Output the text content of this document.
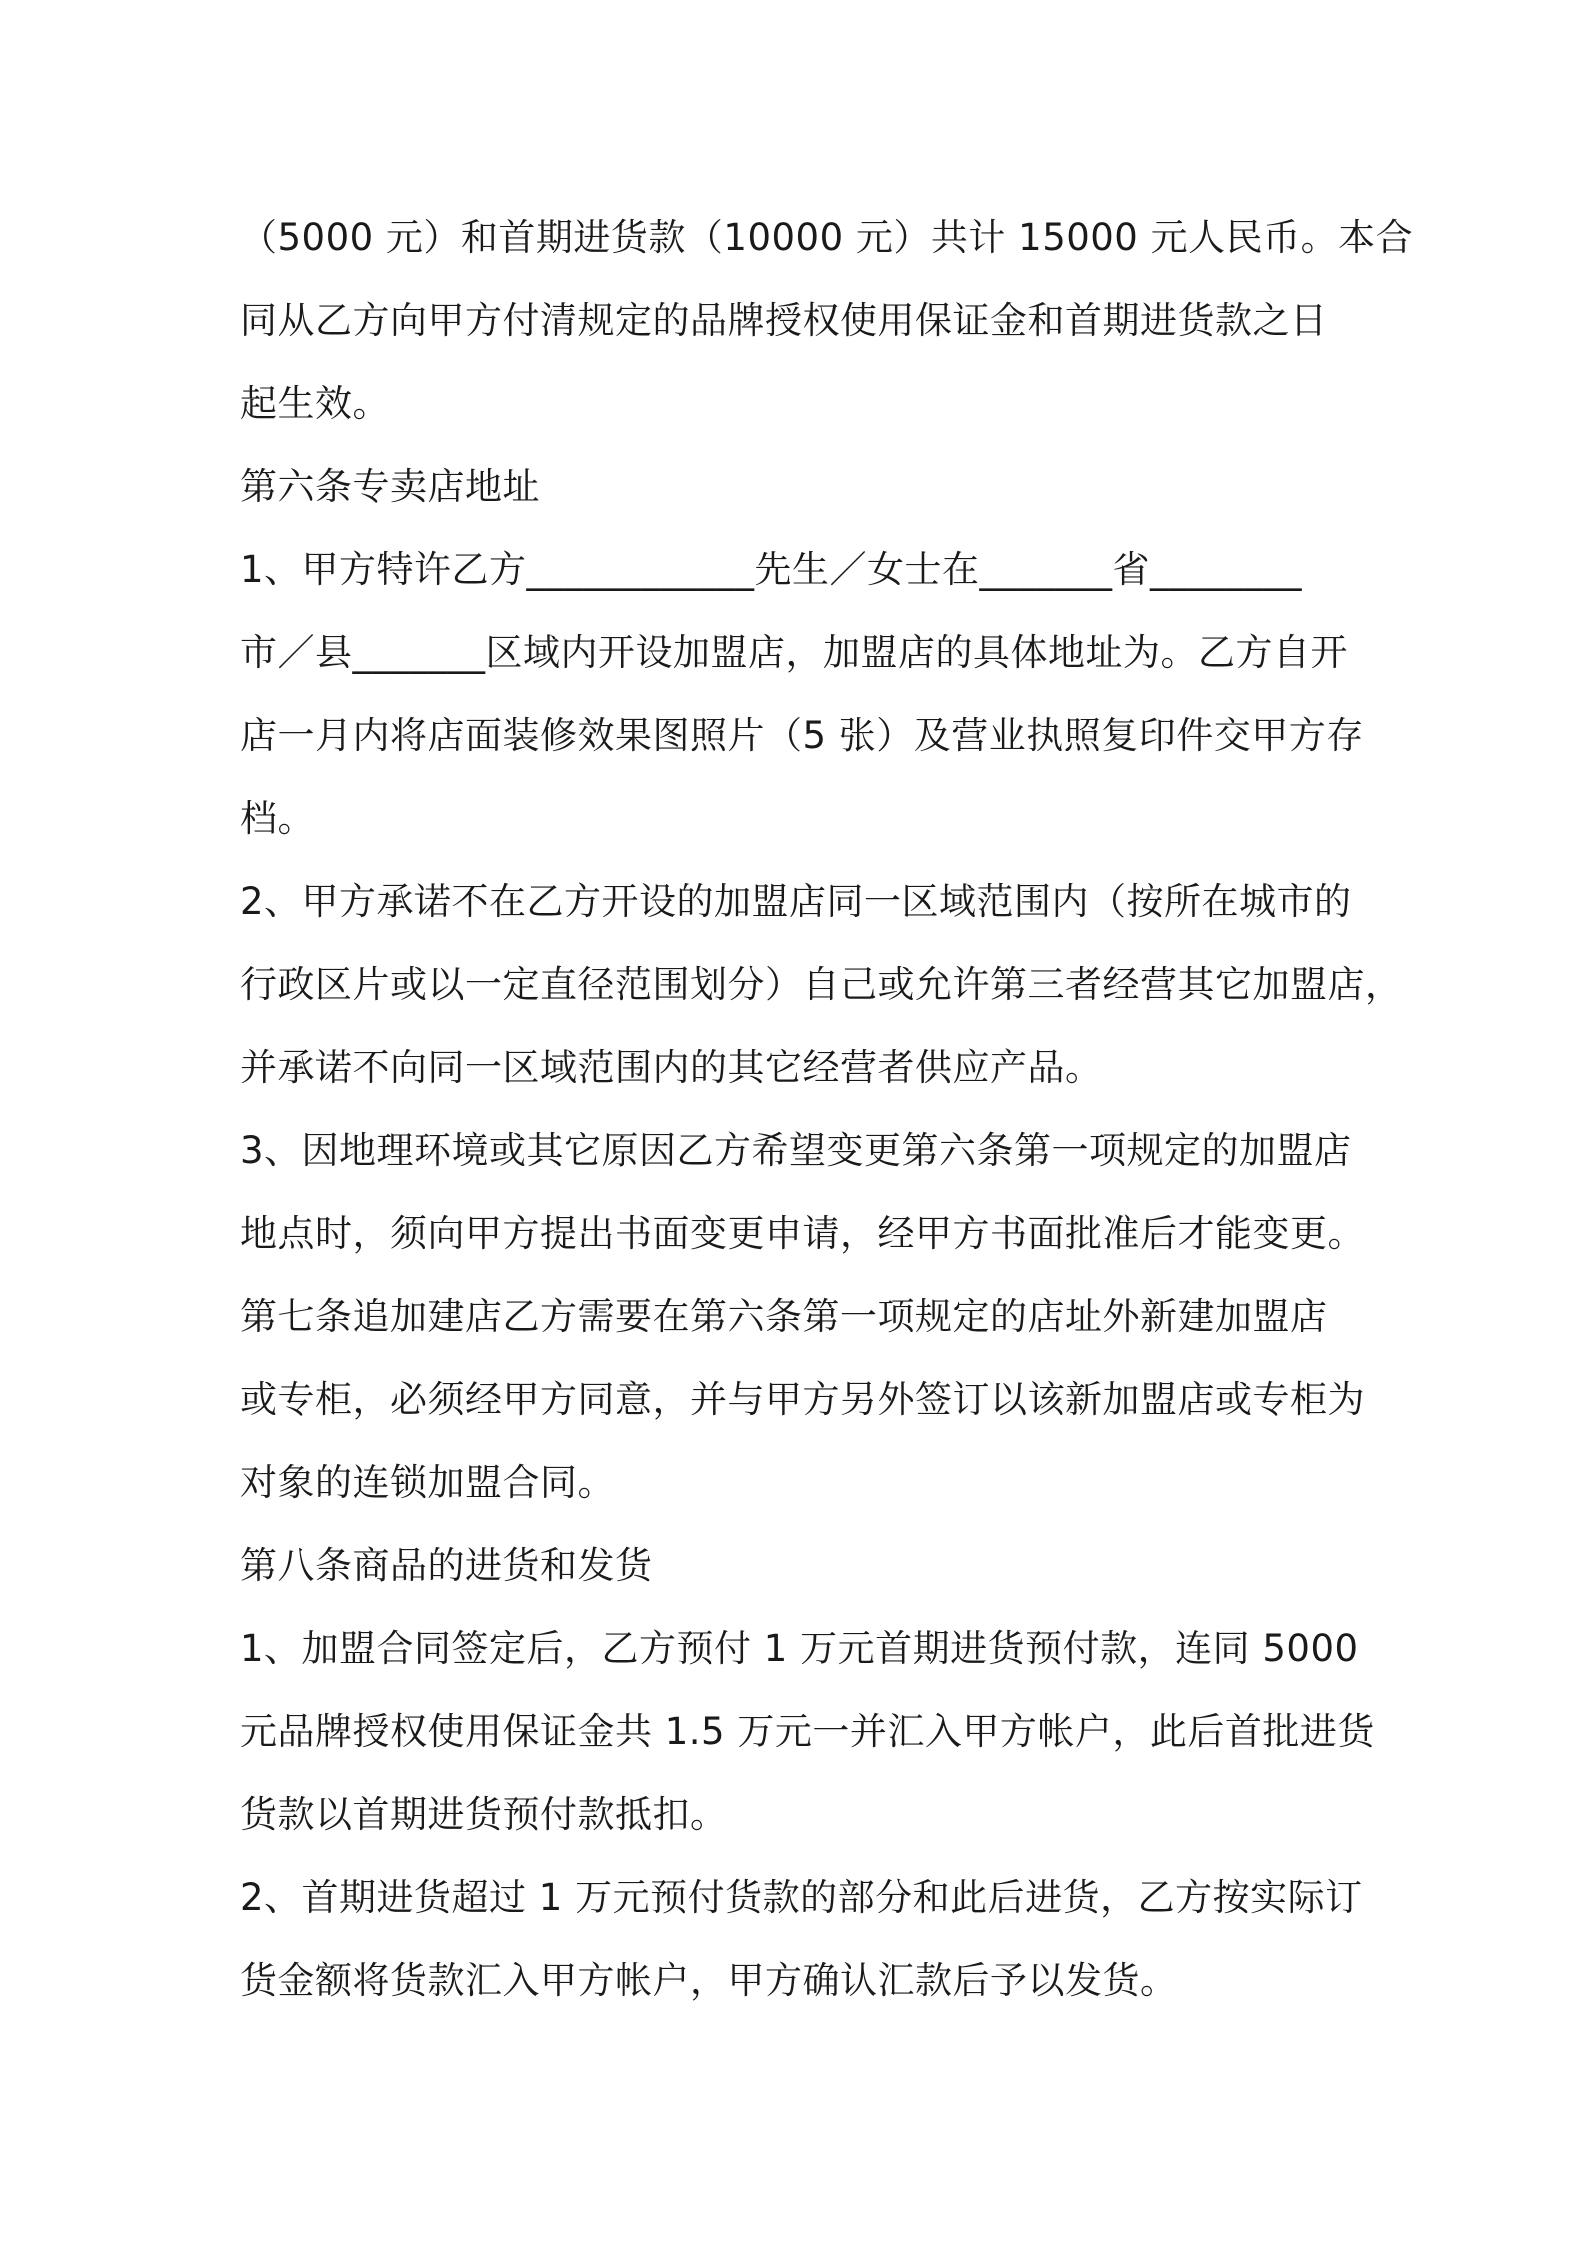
（5000 元）和首期进货款（10000 元）共计 15000 元人民币。本合
同从乙方向甲方付清规定的品牌授权使用保证金和首期进货款之日
起生效。
第六条专卖店地址
1、甲方特许乙方____________先生／女士在_______省________
市／县_______区域内开设加盟店，加盟店的具体地址为。乙方自开
店一月内将店面装修效果图照片（5 张）及营业执照复印件交甲方存
档。
2、甲方承诺不在乙方开设的加盟店同一区域范围内（按所在城市的
行政区片或以一定直径范围划分）自己或允许第三者经营其它加盟店，
并承诺不向同一区域范围内的其它经营者供应产品。
3、因地理环境或其它原因乙方希望变更第六条第一项规定的加盟店
地点时，须向甲方提出书面变更申请，经甲方书面批准后才能变更。
第七条追加建店乙方需要在第六条第一项规定的店址外新建加盟店
或专柜，必须经甲方同意，并与甲方另外签订以该新加盟店或专柜为
对象的连锁加盟合同。
第八条商品的进货和发货
1、加盟合同签定后，乙方预付 1 万元首期进货预付款，连同 5000
元品牌授权使用保证金共 1.5 万元一并汇入甲方帐户，此后首批进货
货款以首期进货预付款抵扣。
2、首期进货超过 1 万元预付货款的部分和此后进货，乙方按实际订
货金额将货款汇入甲方帐户，甲方确认汇款后予以发货。
